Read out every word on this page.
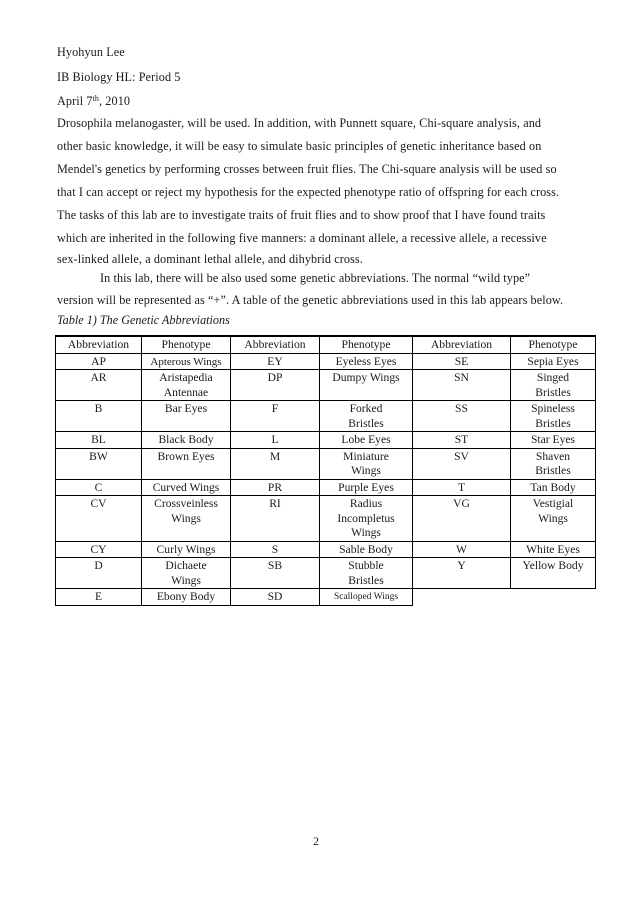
Hyohyun Lee
IB Biology HL: Period 5
April 7th, 2010
Drosophila melanogaster, will be used. In addition, with Punnett square, Chi-square analysis, and
other basic knowledge, it will be easy to simulate basic principles of genetic inheritance based on
Mendel's genetics by performing crosses between fruit flies. The Chi-square analysis will be used so
that I can accept or reject my hypothesis for the expected phenotype ratio of offspring for each cross.
The tasks of this lab are to investigate traits of fruit flies and to show proof that I have found traits
which are inherited in the following five manners: a dominant allele, a recessive allele, a recessive
sex-linked allele, a dominant lethal allele, and dihybrid cross.
In this lab, there will be also used some genetic abbreviations. The normal “wild type”
version will be represented as “+”. A table of the genetic abbreviations used in this lab appears below.
Table 1) The Genetic Abbreviations
Abbreviation	Phenotype	Abbreviation	Phenotype	Abbreviation	Phenotype
AP	Apterous Wings	EY	Eyeless Eyes	SE	Sepia Eyes
AR	Aristapedia
Antennae	DP	Dumpy Wings	SN	Singed
Bristles
B	Bar Eyes	F	Forked
Bristles	SS	Spineless
Bristles
BL	Black Body	L	Lobe Eyes	ST	Star Eyes
BW	Brown Eyes	M	Miniature
Wings	SV	Shaven
Bristles
C	Curved Wings	PR	Purple Eyes	T	Tan Body
CV	Crossveinless
Wings	RI	Radius
Incompletus
Wings	VG	Vestigial
Wings
CY	Curly Wings	S	Sable Body	W	White Eyes
D	Dichaete
Wings	SB	Stubble
Bristles	Y	Yellow Body
E	Ebony Body	SD	Scalloped Wings		
2
